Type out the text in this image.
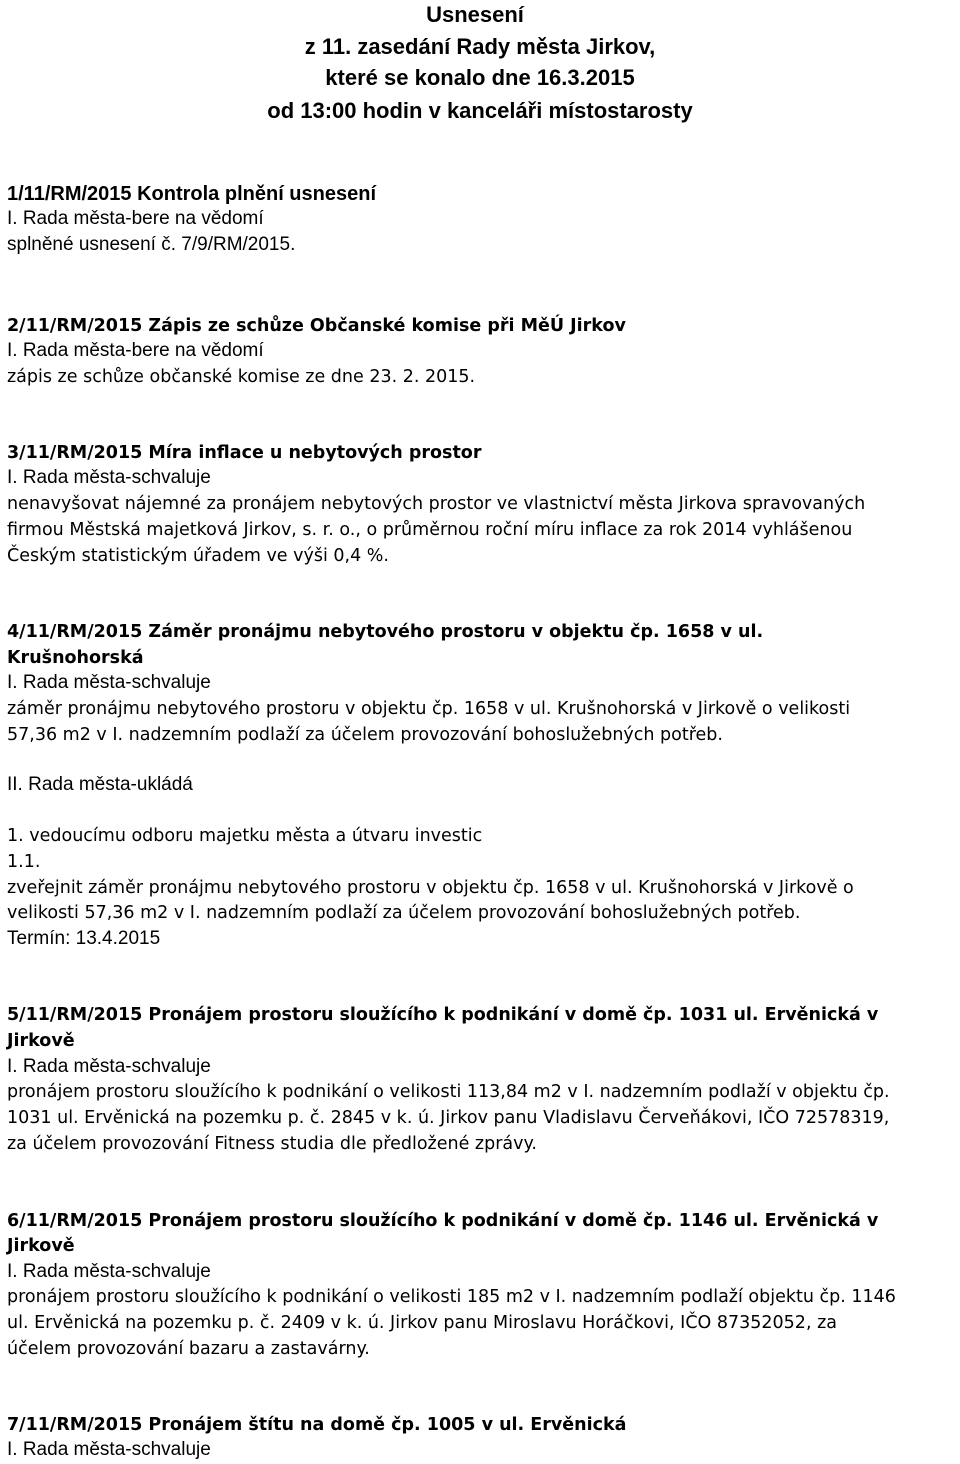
Usnesení
z 11. zasedání Rady města Jirkov,
které se konalo dne 16.3.2015
od 13:00 hodin v kanceláři místostarosty
1/11/RM/2015 Kontrola plnění usnesení
I. Rada města-bere na vědomí
splněné usnesení č. 7/9/RM/2015.
2/11/RM/2015 Zápis ze schůze Občanské komise při MěÚ Jirkov
I. Rada města-bere na vědomí
zápis ze schůze občanské komise ze dne 23. 2. 2015.
3/11/RM/2015 Míra inflace u nebytových prostor
I. Rada města-schvaluje
nenavyšovat nájemné za pronájem nebytových prostor ve vlastnictví města Jirkova spravovaných
firmou Městská majetková Jirkov, s. r. o., o průměrnou roční míru inflace za rok 2014 vyhlášenou
Českým statistickým úřadem ve výši 0,4 %.
4/11/RM/2015 Záměr pronájmu nebytového prostoru v objektu čp. 1658 v ul.
Krušnohorská
I. Rada města-schvaluje
záměr pronájmu nebytového prostoru v objektu čp. 1658 v ul. Krušnohorská v Jirkově o velikosti
57,36 m2 v I. nadzemním podlaží za účelem provozování bohoslužebných potřeb.
II. Rada města-ukládá
1. vedoucímu odboru majetku města a útvaru investic
1.1.
zveřejnit záměr pronájmu nebytového prostoru v objektu čp. 1658 v ul. Krušnohorská v Jirkově o
velikosti 57,36 m2 v I. nadzemním podlaží za účelem provozování bohoslužebných potřeb.
Termín: 13.4.2015
5/11/RM/2015 Pronájem prostoru sloužícího k podnikání v domě čp. 1031 ul. Ervěnická v
Jirkově
I. Rada města-schvaluje
pronájem prostoru sloužícího k podnikání o velikosti 113,84 m2 v I. nadzemním podlaží v objektu čp.
1031 ul. Ervěnická na pozemku p. č. 2845 v k. ú. Jirkov panu Vladislavu Červeňákovi, IČO 72578319,
za účelem provozování Fitness studia dle předložené zprávy.
6/11/RM/2015 Pronájem prostoru sloužícího k podnikání v domě čp. 1146 ul. Ervěnická v
Jirkově
I. Rada města-schvaluje
pronájem prostoru sloužícího k podnikání o velikosti 185 m2 v I. nadzemním podlaží objektu čp. 1146
ul. Ervěnická na pozemku p. č. 2409 v k. ú. Jirkov panu Miroslavu Horáčkovi, IČO 87352052, za
účelem provozování bazaru a zastavárny.
7/11/RM/2015 Pronájem štítu na domě čp. 1005 v ul. Ervěnická
I. Rada města-schvaluje
